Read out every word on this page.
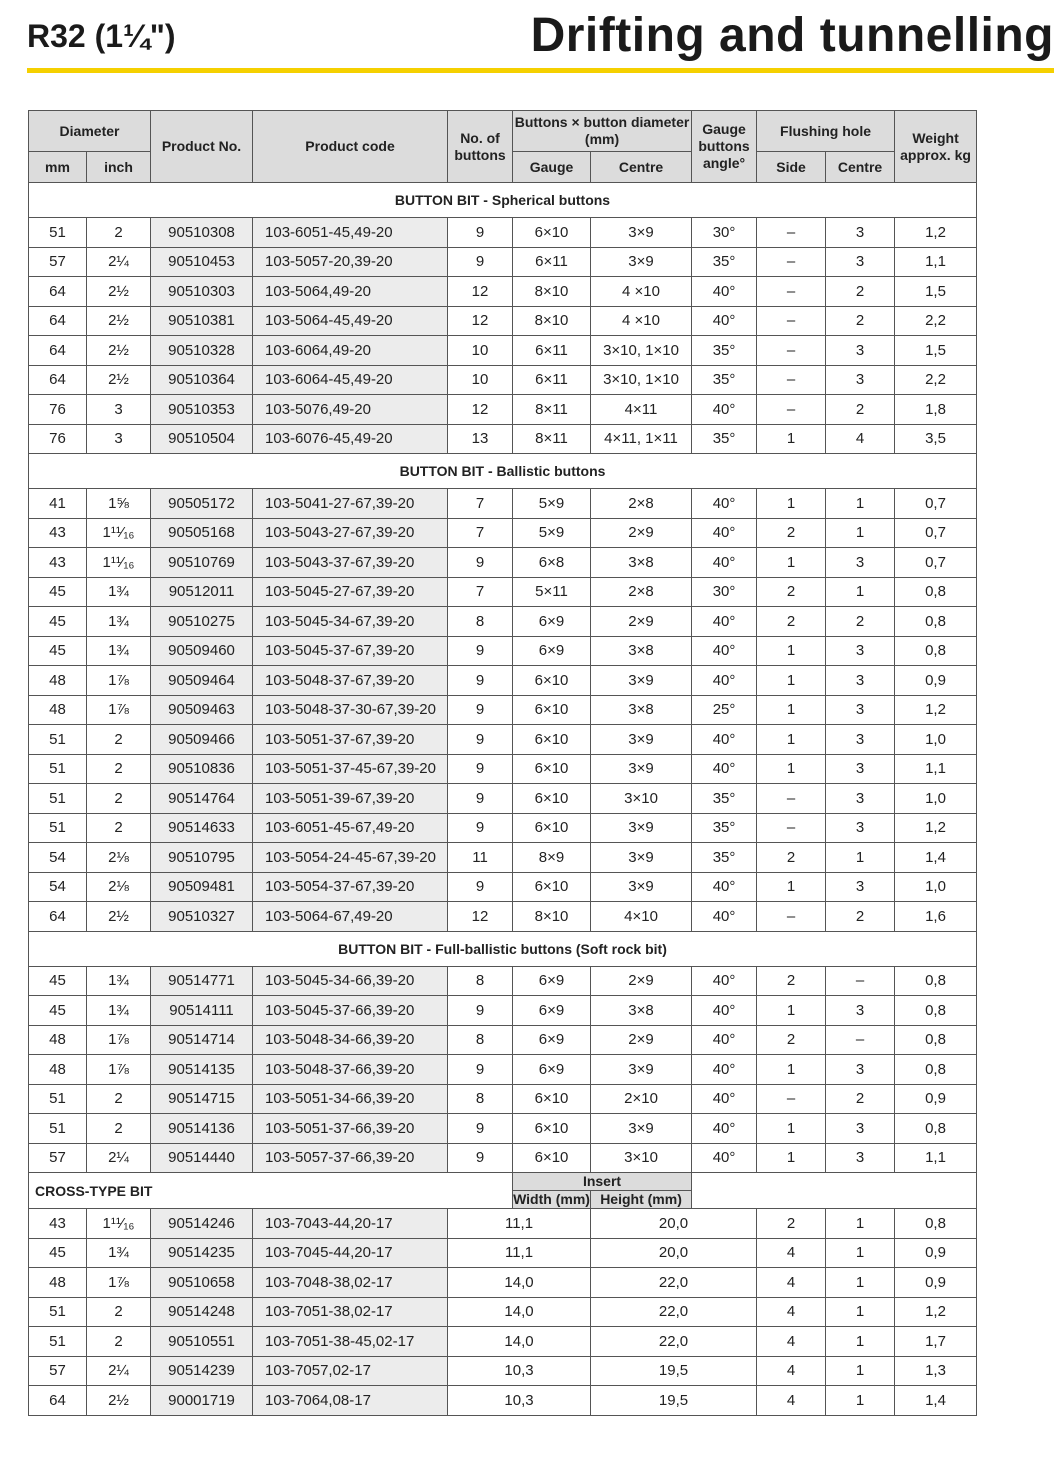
R32 (1¼")	Drifting and tunnelling
Diameter		Product No.	Product code	No. of buttons	Buttons × button diameter (mm)		Gauge buttons angle°	Flushing hole		Weight approx. kg
mm	inch				Gauge	Centre		Side	Centre	
BUTTON BIT - Spherical buttons										
51	2	90510308	103-6051-45,49-20	9	6×10	3×9	30°	–	3	1,2
57	2¼	90510453	103-5057-20,39-20	9	6×11	3×9	35°	–	3	1,1
64	2½	90510303	103-5064,49-20	12	8×10	4 ×10	40°	–	2	1,5
64	2½	90510381	103-5064-45,49-20	12	8×10	4 ×10	40°	–	2	2,2
64	2½	90510328	103-6064,49-20	10	6×11	3×10, 1×10	35°	–	3	1,5
64	2½	90510364	103-6064-45,49-20	10	6×11	3×10, 1×10	35°	–	3	2,2
76	3	90510353	103-5076,49-20	12	8×11	4×11	40°	–	2	1,8
76	3	90510504	103-6076-45,49-20	13	8×11	4×11, 1×11	35°	1	4	3,5
BUTTON BIT - Ballistic buttons										
41	1⅝	90505172	103-5041-27-67,39-20	7	5×9	2×8	40°	1	1	0,7
43	1¹¹⁄₁₆	90505168	103-5043-27-67,39-20	7	5×9	2×9	40°	2	1	0,7
43	1¹¹⁄₁₆	90510769	103-5043-37-67,39-20	9	6×8	3×8	40°	1	3	0,7
45	1¾	90512011	103-5045-27-67,39-20	7	5×11	2×8	30°	2	1	0,8
45	1¾	90510275	103-5045-34-67,39-20	8	6×9	2×9	40°	2	2	0,8
45	1¾	90509460	103-5045-37-67,39-20	9	6×9	3×8	40°	1	3	0,8
48	1⅞	90509464	103-5048-37-67,39-20	9	6×10	3×9	40°	1	3	0,9
48	1⅞	90509463	103-5048-37-30-67,39-20	9	6×10	3×8	25°	1	3	1,2
51	2	90509466	103-5051-37-67,39-20	9	6×10	3×9	40°	1	3	1,0
51	2	90510836	103-5051-37-45-67,39-20	9	6×10	3×9	40°	1	3	1,1
51	2	90514764	103-5051-39-67,39-20	9	6×10	3×10	35°	–	3	1,0
51	2	90514633	103-6051-45-67,49-20	9	6×10	3×9	35°	–	3	1,2
54	2⅛	90510795	103-5054-24-45-67,39-20	11	8×9	3×9	35°	2	1	1,4
54	2⅛	90509481	103-5054-37-67,39-20	9	6×10	3×9	40°	1	3	1,0
64	2½	90510327	103-5064-67,49-20	12	8×10	4×10	40°	–	2	1,6
BUTTON BIT - Full-ballistic buttons (Soft rock bit)										
45	1¾	90514771	103-5045-34-66,39-20	8	6×9	2×9	40°	2	–	0,8
45	1¾	90514111	103-5045-37-66,39-20	9	6×9	3×8	40°	1	3	0,8
48	1⅞	90514714	103-5048-34-66,39-20	8	6×9	2×9	40°	2	–	0,8
48	1⅞	90514135	103-5048-37-66,39-20	9	6×9	3×9	40°	1	3	0,8
51	2	90514715	103-5051-34-66,39-20	8	6×10	2×10	40°	–	2	0,9
51	2	90514136	103-5051-37-66,39-20	9	6×10	3×9	40°	1	3	0,8
57	2¼	90514440	103-5057-37-66,39-20	9	6×10	3×10	40°	1	3	1,1
CROSS-TYPE BIT					Insert					
					Width (mm)	Height (mm)				
43	1¹¹⁄₁₆	90514246	103-7043-44,20-17	11,1		20,0		2	1	0,8
45	1¾	90514235	103-7045-44,20-17	11,1		20,0		4	1	0,9
48	1⅞	90510658	103-7048-38,02-17	14,0		22,0		4	1	0,9
51	2	90514248	103-7051-38,02-17	14,0		22,0		4	1	1,2
51	2	90510551	103-7051-38-45,02-17	14,0		22,0		4	1	1,7
57	2¼	90514239	103-7057,02-17	10,3		19,5		4	1	1,3
64	2½	90001719	103-7064,08-17	10,3		19,5		4	1	1,4
